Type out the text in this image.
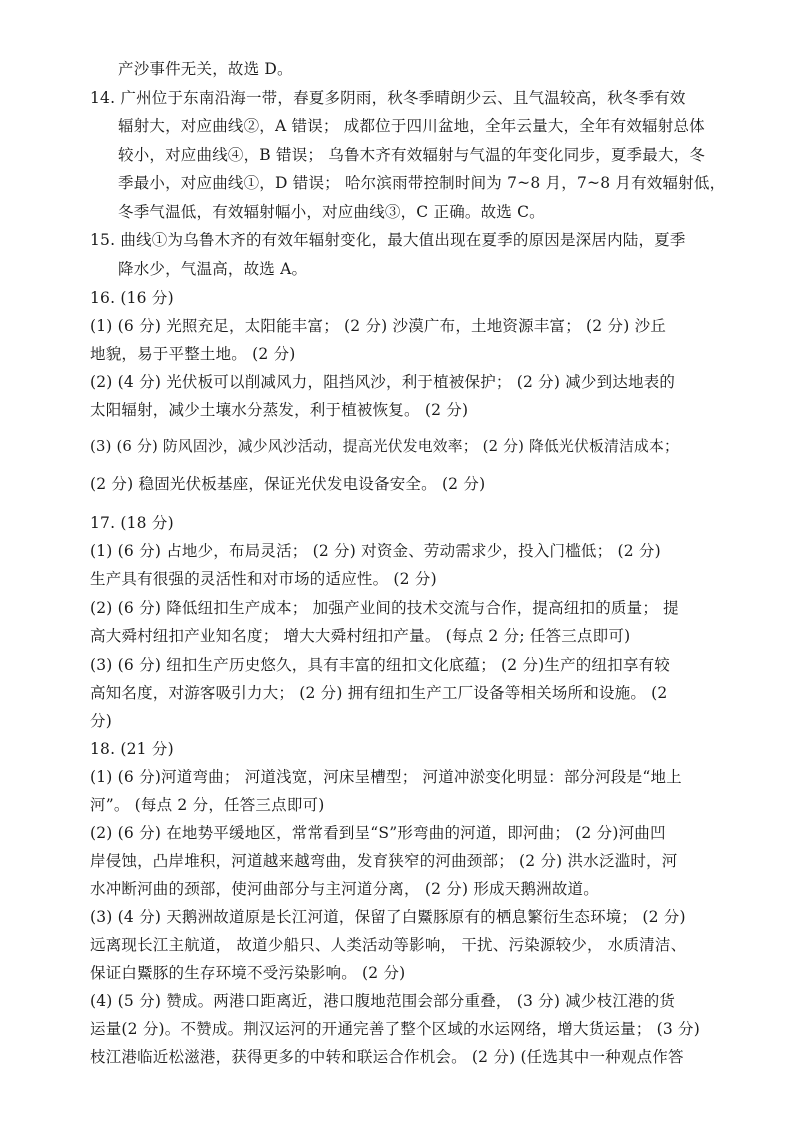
产沙事件无关，故选 D。
14. 广州位于东南沿海一带，春夏多阴雨，秋冬季晴朗少云、且气温较高，秋冬季有效
辐射大，对应曲线②，A 错误； 成都位于四川盆地，全年云量大，全年有效辐射总体
较小，对应曲线④，B 错误； 乌鲁木齐有效辐射与气温的年变化同步，夏季最大，冬
季最小，对应曲线①，D 错误； 哈尔滨雨带控制时间为 7~8 月，7~8 月有效辐射低，
冬季气温低，有效辐射幅小，对应曲线③，C 正确。故选 C。
15. 曲线①为乌鲁木齐的有效年辐射变化，最大值出现在夏季的原因是深居内陆，夏季
降水少，气温高，故选 A。
16. (16 分)
(1) (6 分) 光照充足，太阳能丰富； (2 分) 沙漠广布，土地资源丰富； (2 分) 沙丘
地貌，易于平整土地。 (2 分)
(2) (4 分) 光伏板可以削减风力，阻挡风沙，利于植被保护； (2 分) 减少到达地表的
太阳辐射，减少土壤水分蒸发，利于植被恢复。 (2 分)
(3) (6 分) 防风固沙，减少风沙活动，提高光伏发电效率； (2 分) 降低光伏板清洁成本；
(2 分) 稳固光伏板基座，保证光伏发电设备安全。 (2 分)
17. (18 分)
(1) (6 分) 占地少，布局灵活； (2 分) 对资金、劳动需求少，投入门槛低； (2 分)
生产具有很强的灵活性和对市场的适应性。 (2 分)
(2) (6 分) 降低纽扣生产成本； 加强产业间的技术交流与合作，提高纽扣的质量； 提
高大舜村纽扣产业知名度； 增大大舜村纽扣产量。 (每点 2 分; 任答三点即可)
(3) (6 分) 纽扣生产历史悠久，具有丰富的纽扣文化底蕴； (2 分)生产的纽扣享有较
高知名度，对游客吸引力大； (2 分) 拥有纽扣生产工厂设备等相关场所和设施。 (2
分)
18. (21 分)
(1) (6 分)河道弯曲； 河道浅宽，河床呈槽型； 河道冲淤变化明显：部分河段是“地上
河”。 (每点 2 分，任答三点即可)
(2) (6 分) 在地势平缓地区，常常看到呈“S”形弯曲的河道，即河曲； (2 分)河曲凹
岸侵蚀，凸岸堆积，河道越来越弯曲，发育狭窄的河曲颈部； (2 分) 洪水泛滥时，河
水冲断河曲的颈部，使河曲部分与主河道分离， (2 分) 形成天鹅洲故道。
(3) (4 分) 天鹅洲故道原是长江河道，保留了白鱀豚原有的栖息繁衍生态环境； (2 分)
远离现长江主航道， 故道少船只、人类活动等影响， 干扰、污染源较少， 水质清洁、
保证白鱀豚的生存环境不受污染影响。 (2 分)
(4) (5 分) 赞成。两港口距离近，港口腹地范围会部分重叠， (3 分) 减少枝江港的货
运量(2 分)。不赞成。荆汉运河的开通完善了整个区域的水运网络，增大货运量； (3 分)
枝江港临近松滋港，获得更多的中转和联运合作机会。 (2 分) (任选其中一种观点作答
